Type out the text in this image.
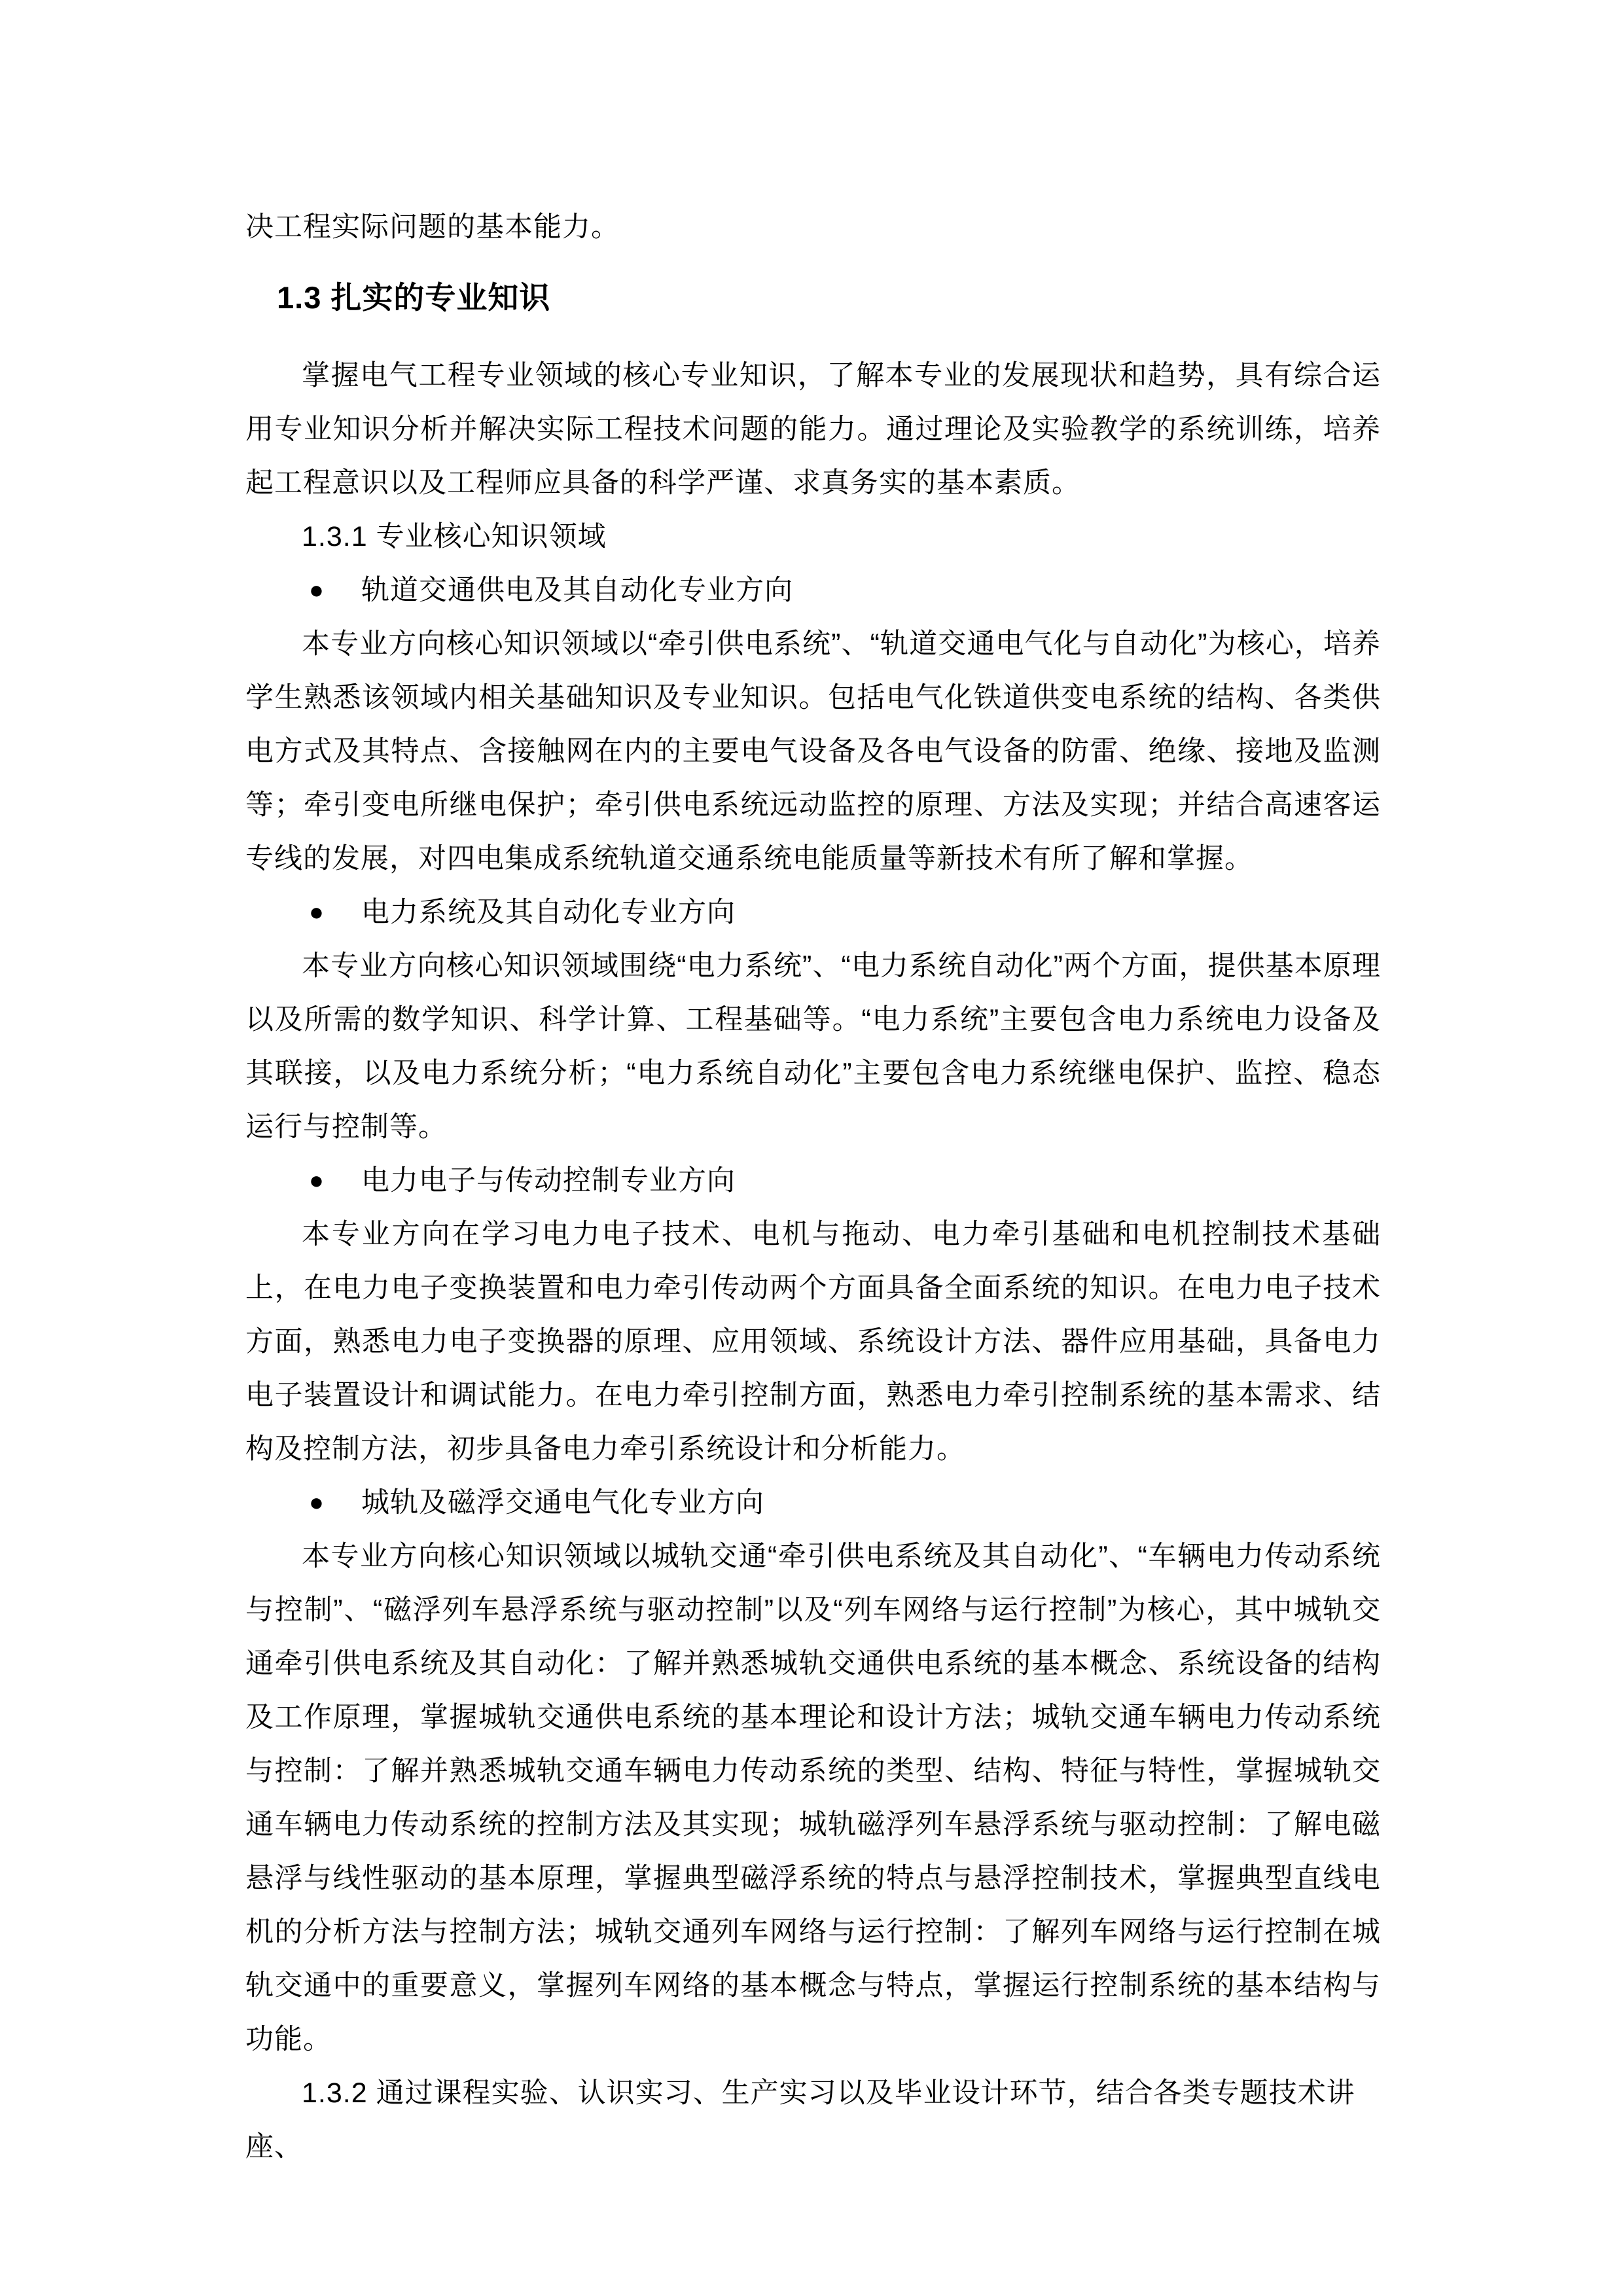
决工程实际问题的基本能力。

1.3 扎实的专业知识

掌握电气工程专业领域的核心专业知识，了解本专业的发展现状和趋势，具有综合运用专业知识分析并解决实际工程技术问题的能力。通过理论及实验教学的系统训练，培养起工程意识以及工程师应具备的科学严谨、求真务实的基本素质。

1.3.1 专业核心知识领域

●	轨道交通供电及其自动化专业方向

本专业方向核心知识领域以“牵引供电系统”、“轨道交通电气化与自动化”为核心，培养学生熟悉该领域内相关基础知识及专业知识。包括电气化铁道供变电系统的结构、各类供电方式及其特点、含接触网在内的主要电气设备及各电气设备的防雷、绝缘、接地及监测等；牵引变电所继电保护；牵引供电系统远动监控的原理、方法及实现；并结合高速客运专线的发展，对四电集成系统轨道交通系统电能质量等新技术有所了解和掌握。

●	电力系统及其自动化专业方向

本专业方向核心知识领域围绕“电力系统”、“电力系统自动化”两个方面，提供基本原理以及所需的数学知识、科学计算、工程基础等。“电力系统”主要包含电力系统电力设备及其联接，以及电力系统分析；“电力系统自动化”主要包含电力系统继电保护、监控、稳态运行与控制等。

●	电力电子与传动控制专业方向

本专业方向在学习电力电子技术、电机与拖动、电力牵引基础和电机控制技术基础上，在电力电子变换装置和电力牵引传动两个方面具备全面系统的知识。在电力电子技术方面，熟悉电力电子变换器的原理、应用领域、系统设计方法、器件应用基础，具备电力电子装置设计和调试能力。在电力牵引控制方面，熟悉电力牵引控制系统的基本需求、结构及控制方法，初步具备电力牵引系统设计和分析能力。

●	城轨及磁浮交通电气化专业方向

本专业方向核心知识领域以城轨交通“牵引供电系统及其自动化”、“车辆电力传动系统与控制”、“磁浮列车悬浮系统与驱动控制”以及“列车网络与运行控制”为核心，其中城轨交通牵引供电系统及其自动化：了解并熟悉城轨交通供电系统的基本概念、系统设备的结构及工作原理，掌握城轨交通供电系统的基本理论和设计方法；城轨交通车辆电力传动系统与控制：了解并熟悉城轨交通车辆电力传动系统的类型、结构、特征与特性，掌握城轨交通车辆电力传动系统的控制方法及其实现；城轨磁浮列车悬浮系统与驱动控制：了解电磁悬浮与线性驱动的基本原理，掌握典型磁浮系统的特点与悬浮控制技术，掌握典型直线电机的分析方法与控制方法；城轨交通列车网络与运行控制：了解列车网络与运行控制在城轨交通中的重要意义，掌握列车网络的基本概念与特点，掌握运行控制系统的基本结构与功能。

1.3.2 通过课程实验、认识实习、生产实习以及毕业设计环节，结合各类专题技术讲座、
